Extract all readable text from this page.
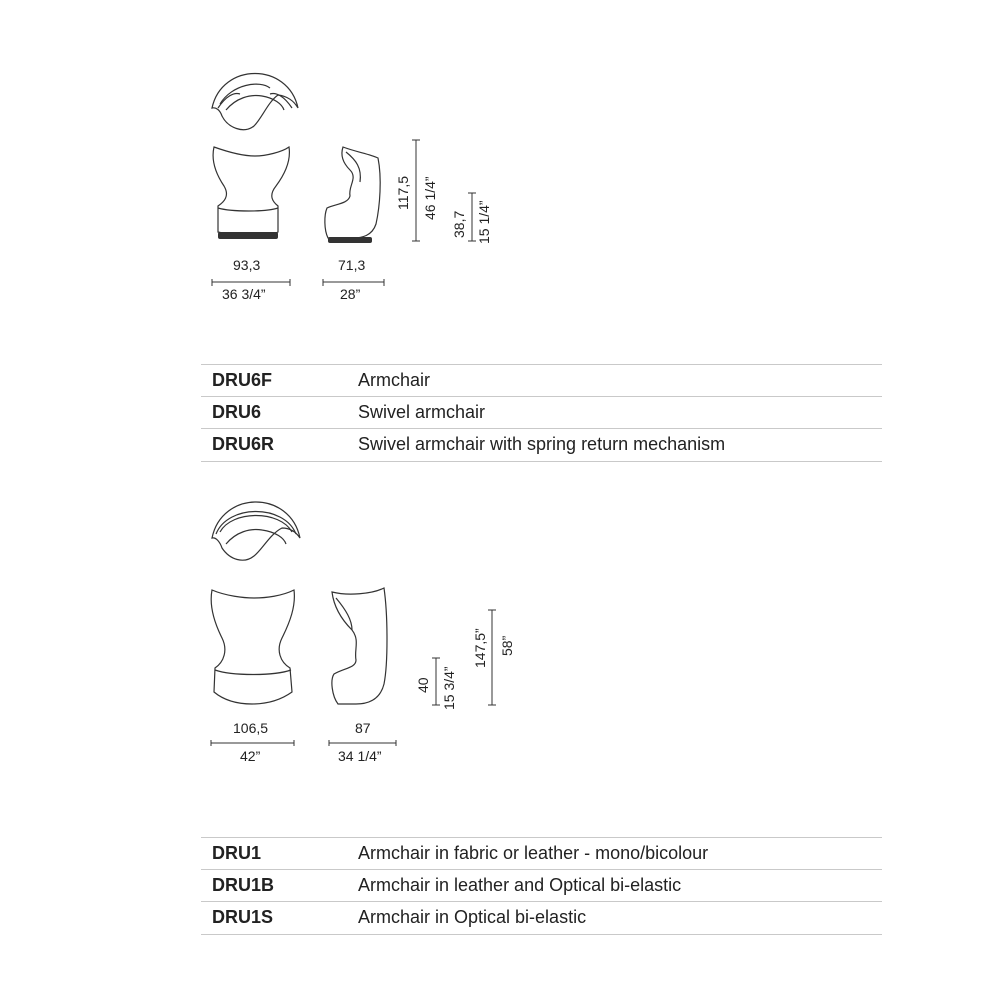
93,3
36 3/4”
71,3
28”
117,5 46 1/4”
38,7 15 1/4”
DRU6F	Armchair
DRU6	Swivel armchair
DRU6R	Swivel armchair with spring return mechanism
106,5
42”
87
34 1/4”
40 15 3/4”
147,5” 58”
DRU1	Armchair in fabric or leather - mono/bicolour
DRU1B	Armchair in leather and Optical bi-elastic
DRU1S	Armchair in Optical bi-elastic
